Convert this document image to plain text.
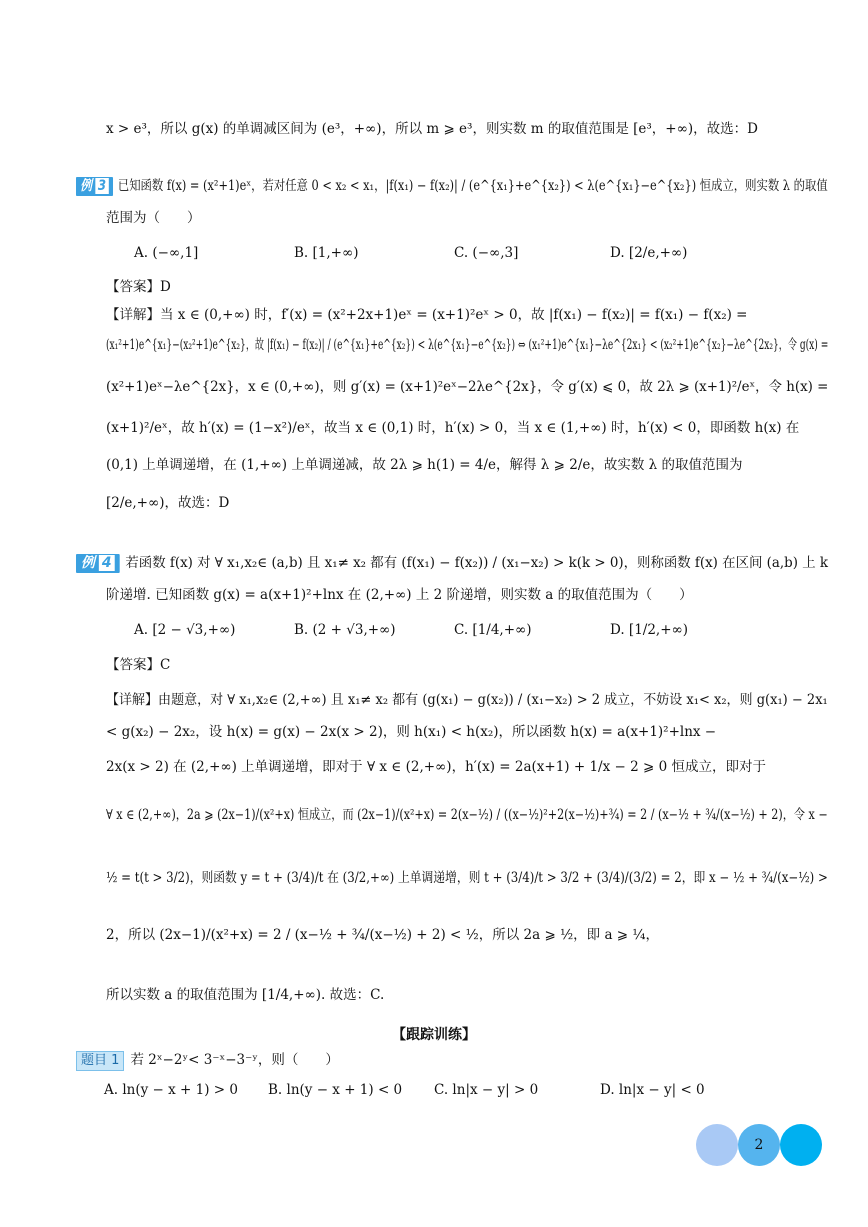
x > e³，所以 g(x) 的单调减区间为 (e³，+∞)，所以 m ⩾ e³，则实数 m 的取值范围是 [e³，+∞)，故选：D
例 3 已知函数 f(x) = (x²+1)eˣ，若对任意 0 < x₂ < x₁，|f(x₁) − f(x₂)| / (e^{x₁}+e^{x₂}) < λ(e^{x₁}−e^{x₂}) 恒成立，则实数 λ 的取值
范围为（　　）
A. (−∞,1]	B. [1,+∞)	C. (−∞,3]	D. [2/e,+∞)
【答案】D
【详解】当 x ∈ (0,+∞) 时，f′(x) = (x²+2x+1)eˣ = (x+1)²eˣ > 0，故 |f(x₁) − f(x₂)| = f(x₁) − f(x₂) =
(x₁²+1)e^{x₁}−(x₂²+1)e^{x₂}，故 |f(x₁) − f(x₂)| / (e^{x₁}+e^{x₂}) < λ(e^{x₁}−e^{x₂}) ⇔ (x₁²+1)e^{x₁}−λe^{2x₁} < (x₂²+1)e^{x₂}−λe^{2x₂}，令 g(x) =
(x²+1)eˣ−λe^{2x}，x ∈ (0,+∞)，则 g′(x) = (x+1)²eˣ−2λe^{2x}，令 g′(x) ⩽ 0，故 2λ ⩾ (x+1)²/eˣ，令 h(x) =
(x+1)²/eˣ，故 h′(x) = (1−x²)/eˣ，故当 x ∈ (0,1) 时，h′(x) > 0，当 x ∈ (1,+∞) 时，h′(x) < 0，即函数 h(x) 在
(0,1) 上单调递增，在 (1,+∞) 上单调递减，故 2λ ⩾ h(1) = 4/e，解得 λ ⩾ 2/e，故实数 λ 的取值范围为
[2/e,+∞)，故选：D
例 4 若函数 f(x) 对 ∀ x₁,x₂∈ (a,b) 且 x₁≠ x₂ 都有 (f(x₁) − f(x₂)) / (x₁−x₂) > k(k > 0)，则称函数 f(x) 在区间 (a,b) 上 k
阶递增. 已知函数 g(x) = a(x+1)²+lnx 在 (2,+∞) 上 2 阶递增，则实数 a 的取值范围为（　　）
A. [2 − √3,+∞)	B. (2 + √3,+∞)	C. [1/4,+∞)	D. [1/2,+∞)
【答案】C
【详解】由题意，对 ∀ x₁,x₂∈ (2,+∞) 且 x₁≠ x₂ 都有 (g(x₁) − g(x₂)) / (x₁−x₂) > 2 成立，不妨设 x₁< x₂，则 g(x₁) − 2x₁
< g(x₂) − 2x₂，设 h(x) = g(x) − 2x(x > 2)，则 h(x₁) < h(x₂)，所以函数 h(x) = a(x+1)²+lnx −
2x(x > 2) 在 (2,+∞) 上单调递增，即对于 ∀ x ∈ (2,+∞)，h′(x) = 2a(x+1) + 1/x − 2 ⩾ 0 恒成立，即对于
∀ x ∈ (2,+∞)，2a ⩾ (2x−1)/(x²+x) 恒成立，而 (2x−1)/(x²+x) = 2(x−½) / ((x−½)²+2(x−½)+¾) = 2 / (x−½ + ¾/(x−½) + 2)，令 x −
½ = t(t > 3/2)，则函数 y = t + (3/4)/t 在 (3/2,+∞) 上单调递增，则 t + (3/4)/t > 3/2 + (3/4)/(3/2) = 2，即 x − ½ + ¾/(x−½) >
2，所以 (2x−1)/(x²+x) = 2 / (x−½ + ¾/(x−½) + 2) < ½，所以 2a ⩾ ½，即 a ⩾ ¼，
所以实数 a 的取值范围为 [1/4,+∞). 故选：C.
【跟踪训练】
题目 1 若 2ˣ−2ʸ< 3⁻ˣ−3⁻ʸ，则（　　）
A. ln(y − x + 1) > 0 B. ln(y − x + 1) < 0 C. ln|x − y| > 0	D. ln|x − y| < 0
2
